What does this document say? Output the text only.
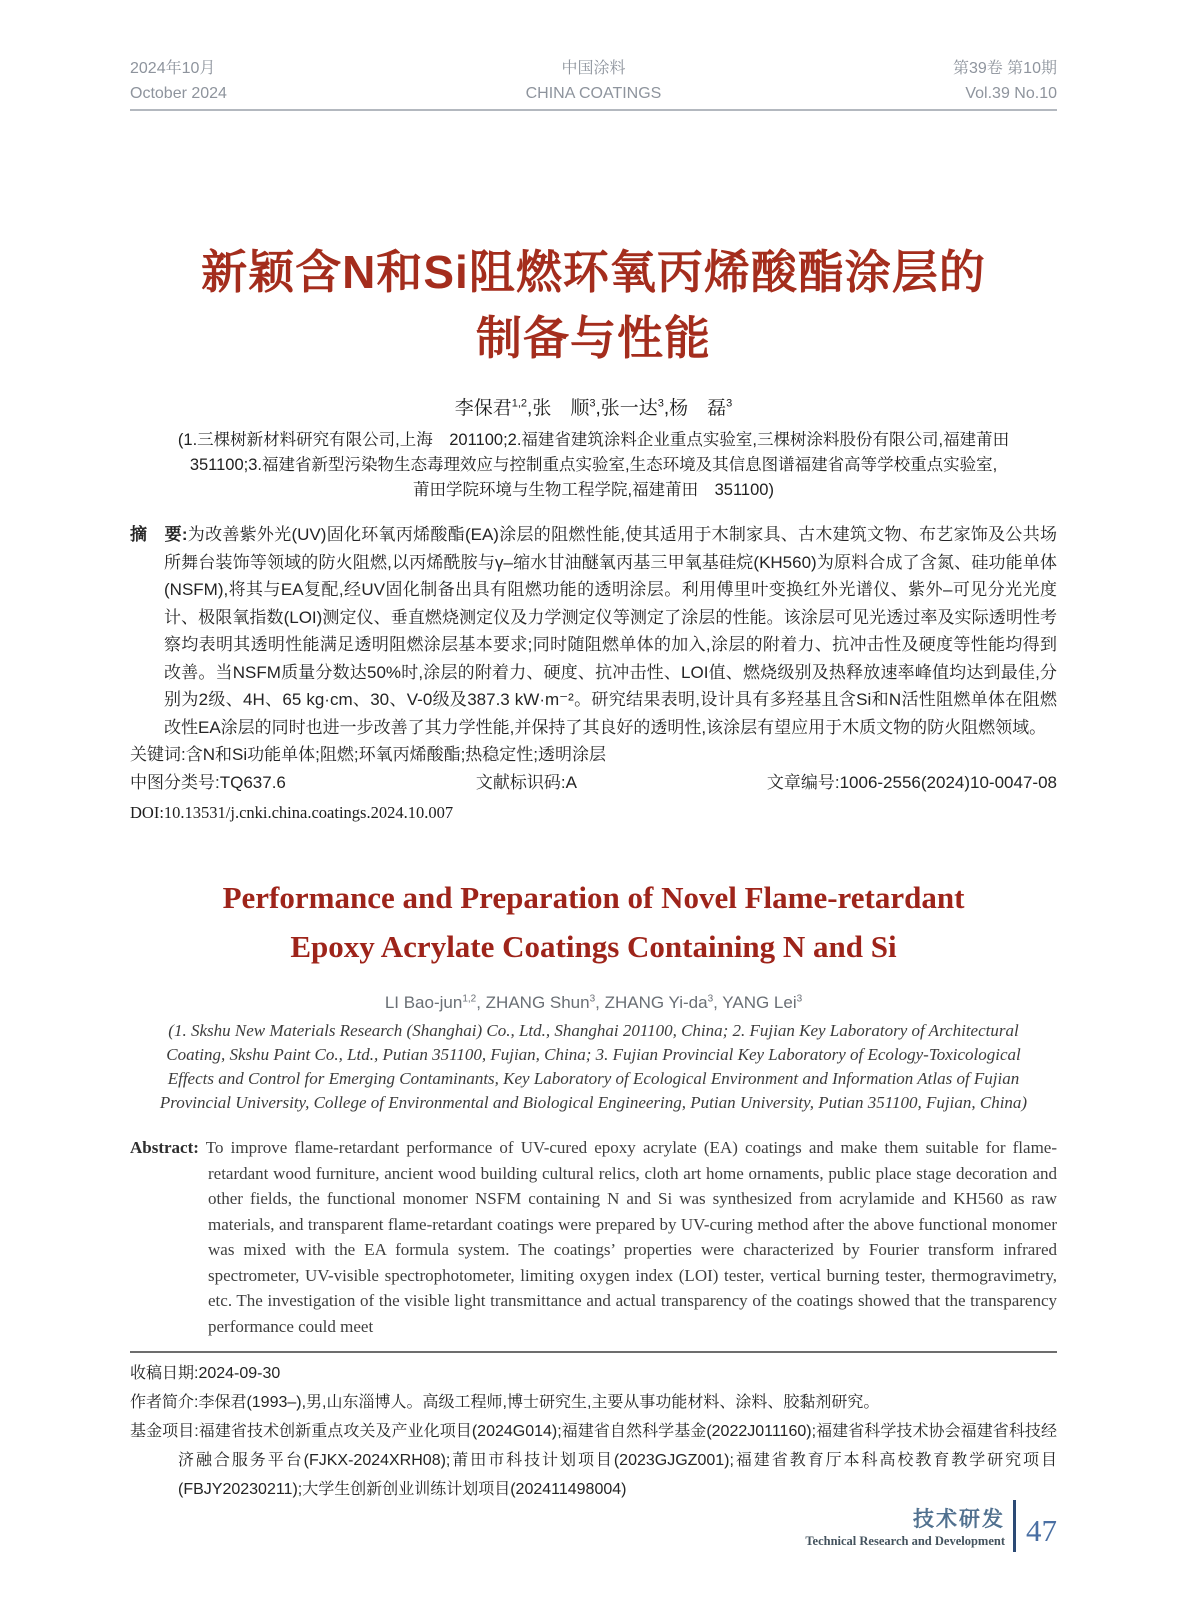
2024年10月
October 2024
中国涂料
CHINA COATINGS
第39卷 第10期
Vol.39 No.10
新颖含N和Si阻燃环氧丙烯酸酯涂层的
制备与性能
李保君$^{1,2}$,张　顺$^3$,张一达$^3$,杨　磊$^3$
(1.三棵树新材料研究有限公司,上海　201100;2.福建省建筑涂料企业重点实验室,三棵树涂料股份有限公司,福建莆田
351100;3.福建省新型污染物生态毒理效应与控制重点实验室,生态环境及其信息图谱福建省高等学校重点实验室,
莆田学院环境与生物工程学院,福建莆田　351100)

摘　要:为改善紫外光(UV)固化环氧丙烯酸酯(EA)涂层的阻燃性能,使其适用于木制家具、古木建筑文物、布艺家饰及公共场所舞台装饰等领域的防火阻燃,以丙烯酰胺与γ–缩水甘油醚氧丙基三甲氧基硅烷(KH560)为原料合成了含氮、硅功能单体(NSFM),将其与EA复配,经UV固化制备出具有阻燃功能的透明涂层。利用傅里叶变换红外光谱仪、紫外–可见分光光度计、极限氧指数(LOI)测定仪、垂直燃烧测定仪及力学测定仪等测定了涂层的性能。该涂层可见光透过率及实际透明性考察均表明其透明性能满足透明阻燃涂层基本要求;同时随阻燃单体的加入,涂层的附着力、抗冲击性及硬度等性能均得到改善。当NSFM质量分数达50%时,涂层的附着力、硬度、抗冲击性、LOI值、燃烧级别及热释放速率峰值均达到最佳,分别为2级、4H、65 kg·cm、30、V-0级及387.3 kW·m⁻²。研究结果表明,设计具有多羟基且含Si和N活性阻燃单体在阻燃改性EA涂层的同时也进一步改善了其力学性能,并保持了其良好的透明性,该涂层有望应用于木质文物的防火阻燃领域。

关键词:含N和Si功能单体;阻燃;环氧丙烯酸酯;热稳定性;透明涂层

中图分类号:TQ637.6	文献标识码:A	文章编号:1006-2556(2024)10-0047-08

DOI:10.13531/j.cnki.china.coatings.2024.10.007

Performance and Preparation of Novel Flame-retardant
Epoxy Acrylate Coatings Containing N and Si
LI Bao-jun$^{1,2}$, ZHANG Shun$^3$, ZHANG $Yi-da^3$, YANG Lei$^3$
(1. Skshu New Materials Research (Shanghai) Co., Ltd., Shanghai 201100, China; 2. Fujian Key Laboratory of Architectural
Coating, Skshu Paint Co., Ltd., Putian 351100, Fujian, China; 3. Fujian Provincial Key Laboratory of Ecology-Toxicological
Effects and Control for Emerging Contaminants, Key Laboratory of Ecological Environment and Information Atlas of Fujian
Provincial University, College of Environmental and Biological Engineering, Putian University, Putian 351100, Fujian, China)

Abstract: To improve flame-retardant performance of UV-cured epoxy acrylate (EA) coatings and make them suitable for flame-retardant wood furniture, ancient wood building cultural relics, cloth art home ornaments, public place stage decoration and other fields, the functional monomer NSFM containing N and Si was synthesized from acrylamide and KH560 as raw materials, and transparent flame-retardant coatings were prepared by UV-curing method after the above functional monomer was mixed with the EA formula system. The coatings’ properties were characterized by Fourier transform infrared spectrometer, UV-visible spectrophotometer, limiting oxygen index (LOI) tester, vertical burning tester, thermogravimetry, etc. The investigation of the visible light transmittance and actual transparency of the coatings showed that the transparency performance could meet

收稿日期:2024-09-30

作者简介:李保君(1993–),男,山东淄博人。高级工程师,博士研究生,主要从事功能材料、涂料、胶黏剂研究。

基金项目:福建省技术创新重点攻关及产业化项目(2024G014);福建省自然科学基金(2022J011160);福建省科学技术协会福建省科技经济融合服务平台(FJKX-2024XRH08);莆田市科技计划项目(2023GJGZ001);福建省教育厅本科高校教育教学研究项目(FBJY20230211);大学生创新创业训练计划项目(202411498004)

技术研发
Technical Research and Development 47
